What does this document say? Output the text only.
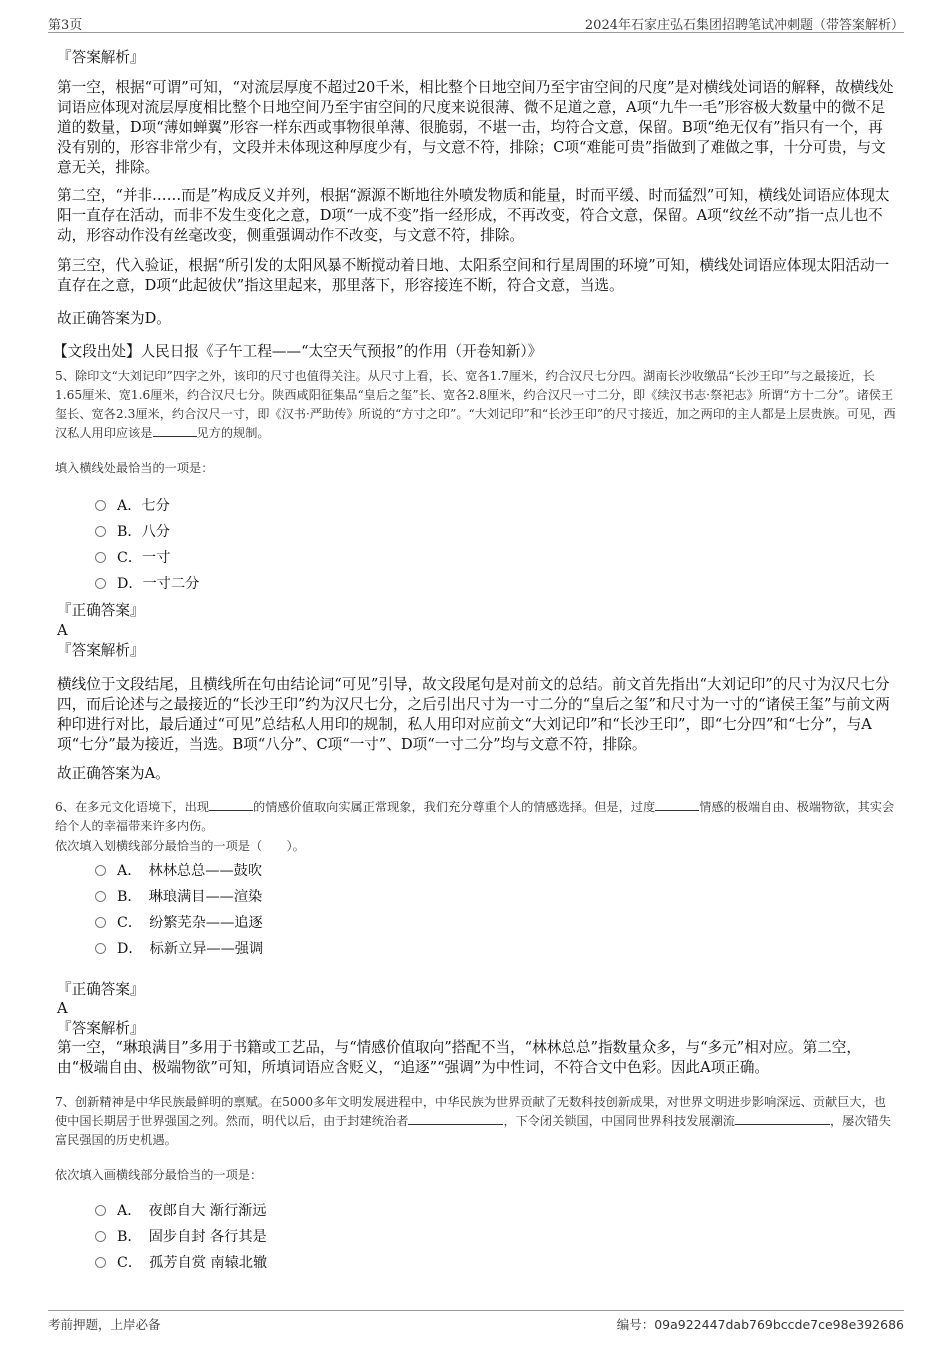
第3页	2024年石家庄弘石集团招聘笔试冲刺题（带答案解析）

『答案解析』

第一空，根据“可谓”可知，“对流层厚度不超过20千米，相比整个日地空间乃至宇宙空间的尺度”是对横线处词语的解释，故横线处词语应体现对流层厚度相比整个日地空间乃至宇宙空间的尺度来说很薄、微不足道之意，A项“九牛一毛”形容极大数量中的微不足道的数量，D项“薄如蝉翼”形容一样东西或事物很单薄、很脆弱，不堪一击，均符合文意，保留。B项“绝无仅有”指只有一个，再没有别的，形容非常少有，文段并未体现这种厚度少有，与文意不符，排除；C项“难能可贵”指做到了难做之事，十分可贵，与文意无关，排除。

第二空，“并非……而是”构成反义并列，根据“源源不断地往外喷发物质和能量，时而平缓、时而猛烈”可知，横线处词语应体现太阳一直存在活动，而非不发生变化之意，D项“一成不变”指一经形成，不再改变，符合文意，保留。A项“纹丝不动”指一点儿也不动，形容动作没有丝毫改变，侧重强调动作不改变，与文意不符，排除。

第三空，代入验证，根据“所引发的太阳风暴不断搅动着日地、太阳系空间和行星周围的环境”可知，横线处词语应体现太阳活动一直存在之意，D项“此起彼伏”指这里起来，那里落下，形容接连不断，符合文意，当选。

故正确答案为D。

【文段出处】人民日报《子午工程——“太空天气预报”的作用（开卷知新）》

5、除印文“大刘记印”四字之外，该印的尺寸也值得关注。从尺寸上看，长、宽各1.7厘米，约合汉尺七分四。湖南长沙收缴品“长沙王印”与之最接近，长1.65厘米、宽1.6厘米，约合汉尺七分。陕西咸阳征集品“皇后之玺”长、宽各2.8厘米，约合汉尺一寸二分，即《续汉书志·祭祀志》所谓“方十二分”。诸侯王玺长、宽各2.3厘米，约合汉尺一寸，即《汉书·严助传》所说的“方寸之印”。“大刘记印”和“长沙王印”的尺寸接近，加之两印的主人都是上层贵族。可见，西汉私人用印应该是	见方的规制。

填入横线处最恰当的一项是：

A．七分
B．八分
C．一寸
D．一寸二分

『正确答案』

A

『答案解析』

横线位于文段结尾，且横线所在句由结论词“可见”引导，故文段尾句是对前文的总结。前文首先指出“大刘记印”的尺寸为汉尺七分四，而后论述与之最接近的“长沙王印”约为汉尺七分，之后引出尺寸为一寸二分的“皇后之玺”和尺寸为一寸的“诸侯王玺”与前文两种印进行对比，最后通过“可见”总结私人用印的规制，私人用印对应前文“大刘记印”和“长沙王印”，即“七分四”和“七分”，与A项“七分”最为接近，当选。B项“八分”、C项“一寸”、D项“一寸二分”均与文意不符，排除。

故正确答案为A。

6、在多元文化语境下，出现	的情感价值取向实属正常现象，我们充分尊重个人的情感选择。但是，过度	情感的极端自由、极端物欲，其实会给个人的幸福带来许多内伤。

依次填入划横线部分最恰当的一项是（　　）。

A．　林林总总——鼓吹
B．　琳琅满目——渲染
C．　纷繁芜杂——追逐
D．　标新立异——强调

『正确答案』

A

『答案解析』

第一空，“琳琅满目”多用于书籍或工艺品，与“情感价值取向”搭配不当，“林林总总”指数量众多，与“多元”相对应。第二空，由“极端自由、极端物欲”可知，所填词语应含贬义，“追逐”“强调”为中性词，不符合文中色彩。因此A项正确。

7、创新精神是中华民族最鲜明的禀赋。在5000多年文明发展进程中，中华民族为世界贡献了无数科技创新成果，对世界文明进步影响深远、贡献巨大，也使中国长期居于世界强国之列。然而，明代以后，由于封建统治者	，下令闭关锁国，中国同世界科技发展潮流	，屡次错失富民强国的历史机遇。

依次填入画横线部分最恰当的一项是：

A．　夜郎自大 渐行渐远
B．　固步自封 各行其是
C．　孤芳自赏 南辕北辙
考前押题，上岸必备	编号：09a922447dab769bccde7ce98e392686
